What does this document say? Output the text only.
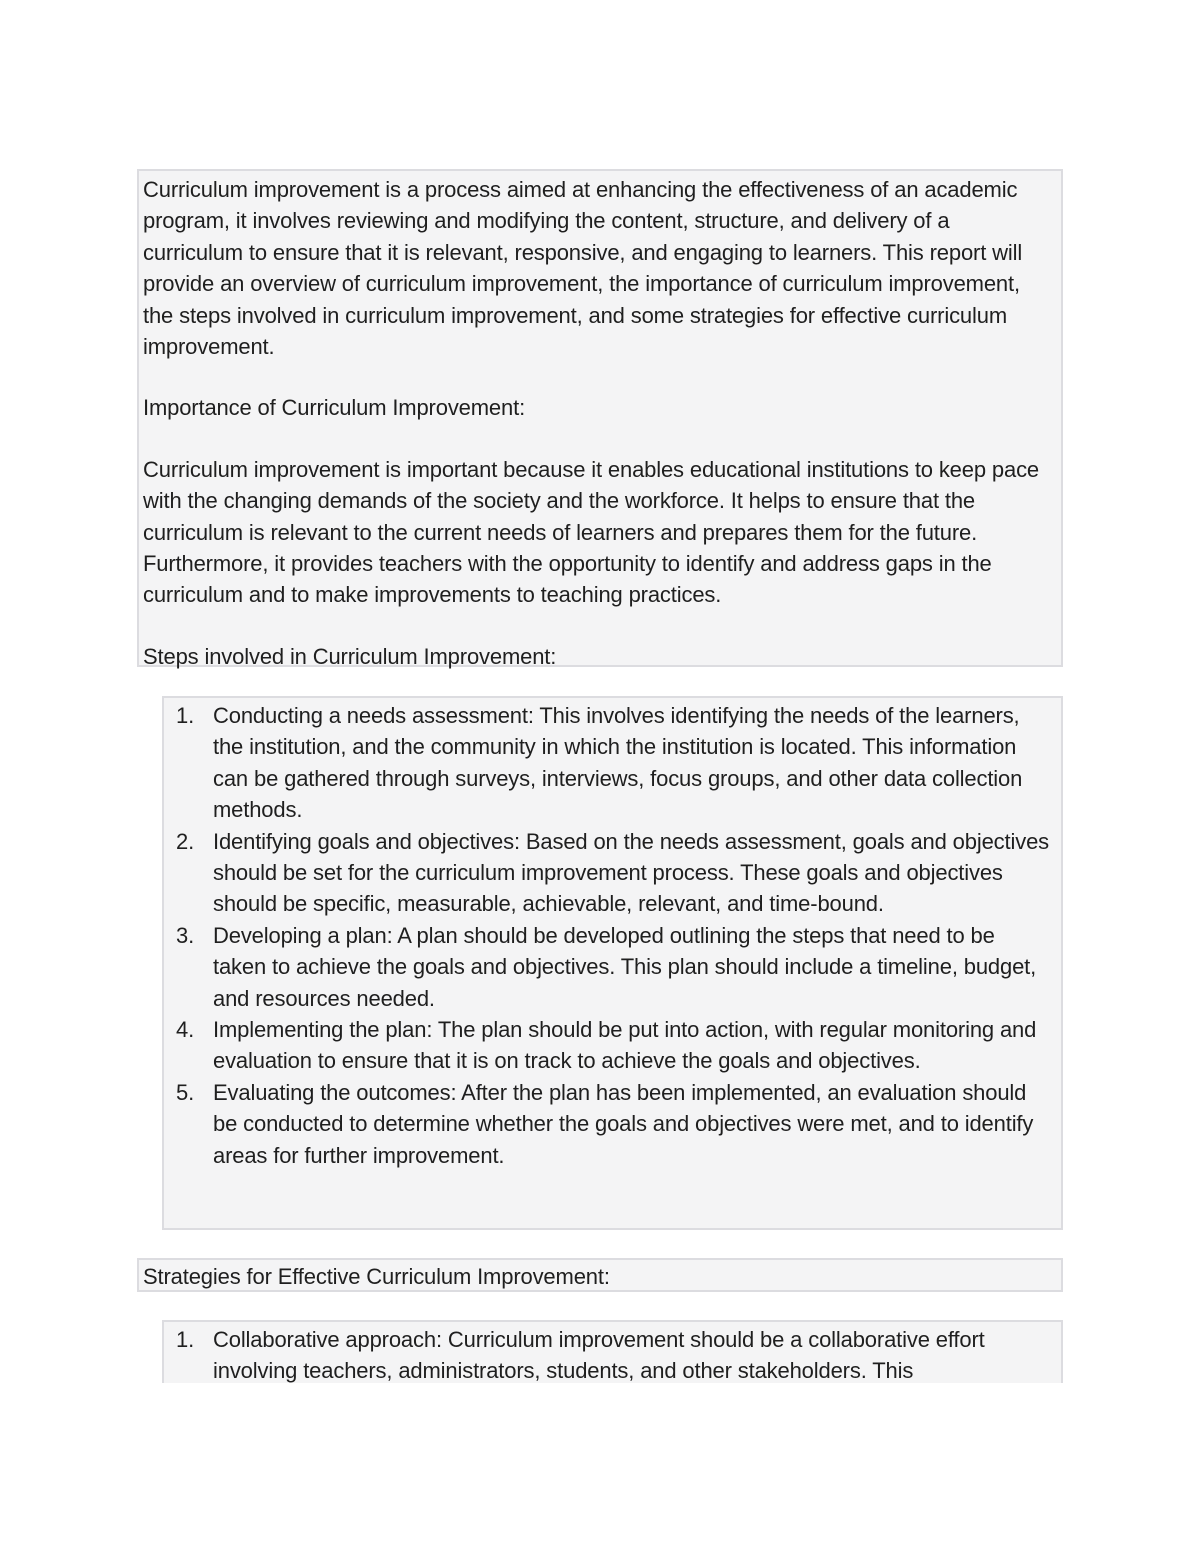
Curriculum improvement is a process aimed at enhancing the effectiveness of an academic program, it involves reviewing and modifying the content, structure, and delivery of a curriculum to ensure that it is relevant, responsive, and engaging to learners. This report will provide an overview of curriculum improvement, the importance of curriculum improvement, the steps involved in curriculum improvement, and some strategies for effective curriculum improvement.

Importance of Curriculum Improvement:

Curriculum improvement is important because it enables educational institutions to keep pace with the changing demands of the society and the workforce. It helps to ensure that the curriculum is relevant to the current needs of learners and prepares them for the future. Furthermore, it provides teachers with the opportunity to identify and address gaps in the curriculum and to make improvements to teaching practices.

Steps involved in Curriculum Improvement:

1. Conducting a needs assessment: This involves identifying the needs of the learners, the institution, and the community in which the institution is located. This information can be gathered through surveys, interviews, focus groups, and other data collection methods.
2. Identifying goals and objectives: Based on the needs assessment, goals and objectives should be set for the curriculum improvement process. These goals and objectives should be specific, measurable, achievable, relevant, and time-bound.
3. Developing a plan: A plan should be developed outlining the steps that need to be taken to achieve the goals and objectives. This plan should include a timeline, budget, and resources needed.
4. Implementing the plan: The plan should be put into action, with regular monitoring and evaluation to ensure that it is on track to achieve the goals and objectives.
5. Evaluating the outcomes: After the plan has been implemented, an evaluation should be conducted to determine whether the goals and objectives were met, and to identify areas for further improvement.

Strategies for Effective Curriculum Improvement:

1. Collaborative approach: Curriculum improvement should be a collaborative effort involving teachers, administrators, students, and other stakeholders. This
